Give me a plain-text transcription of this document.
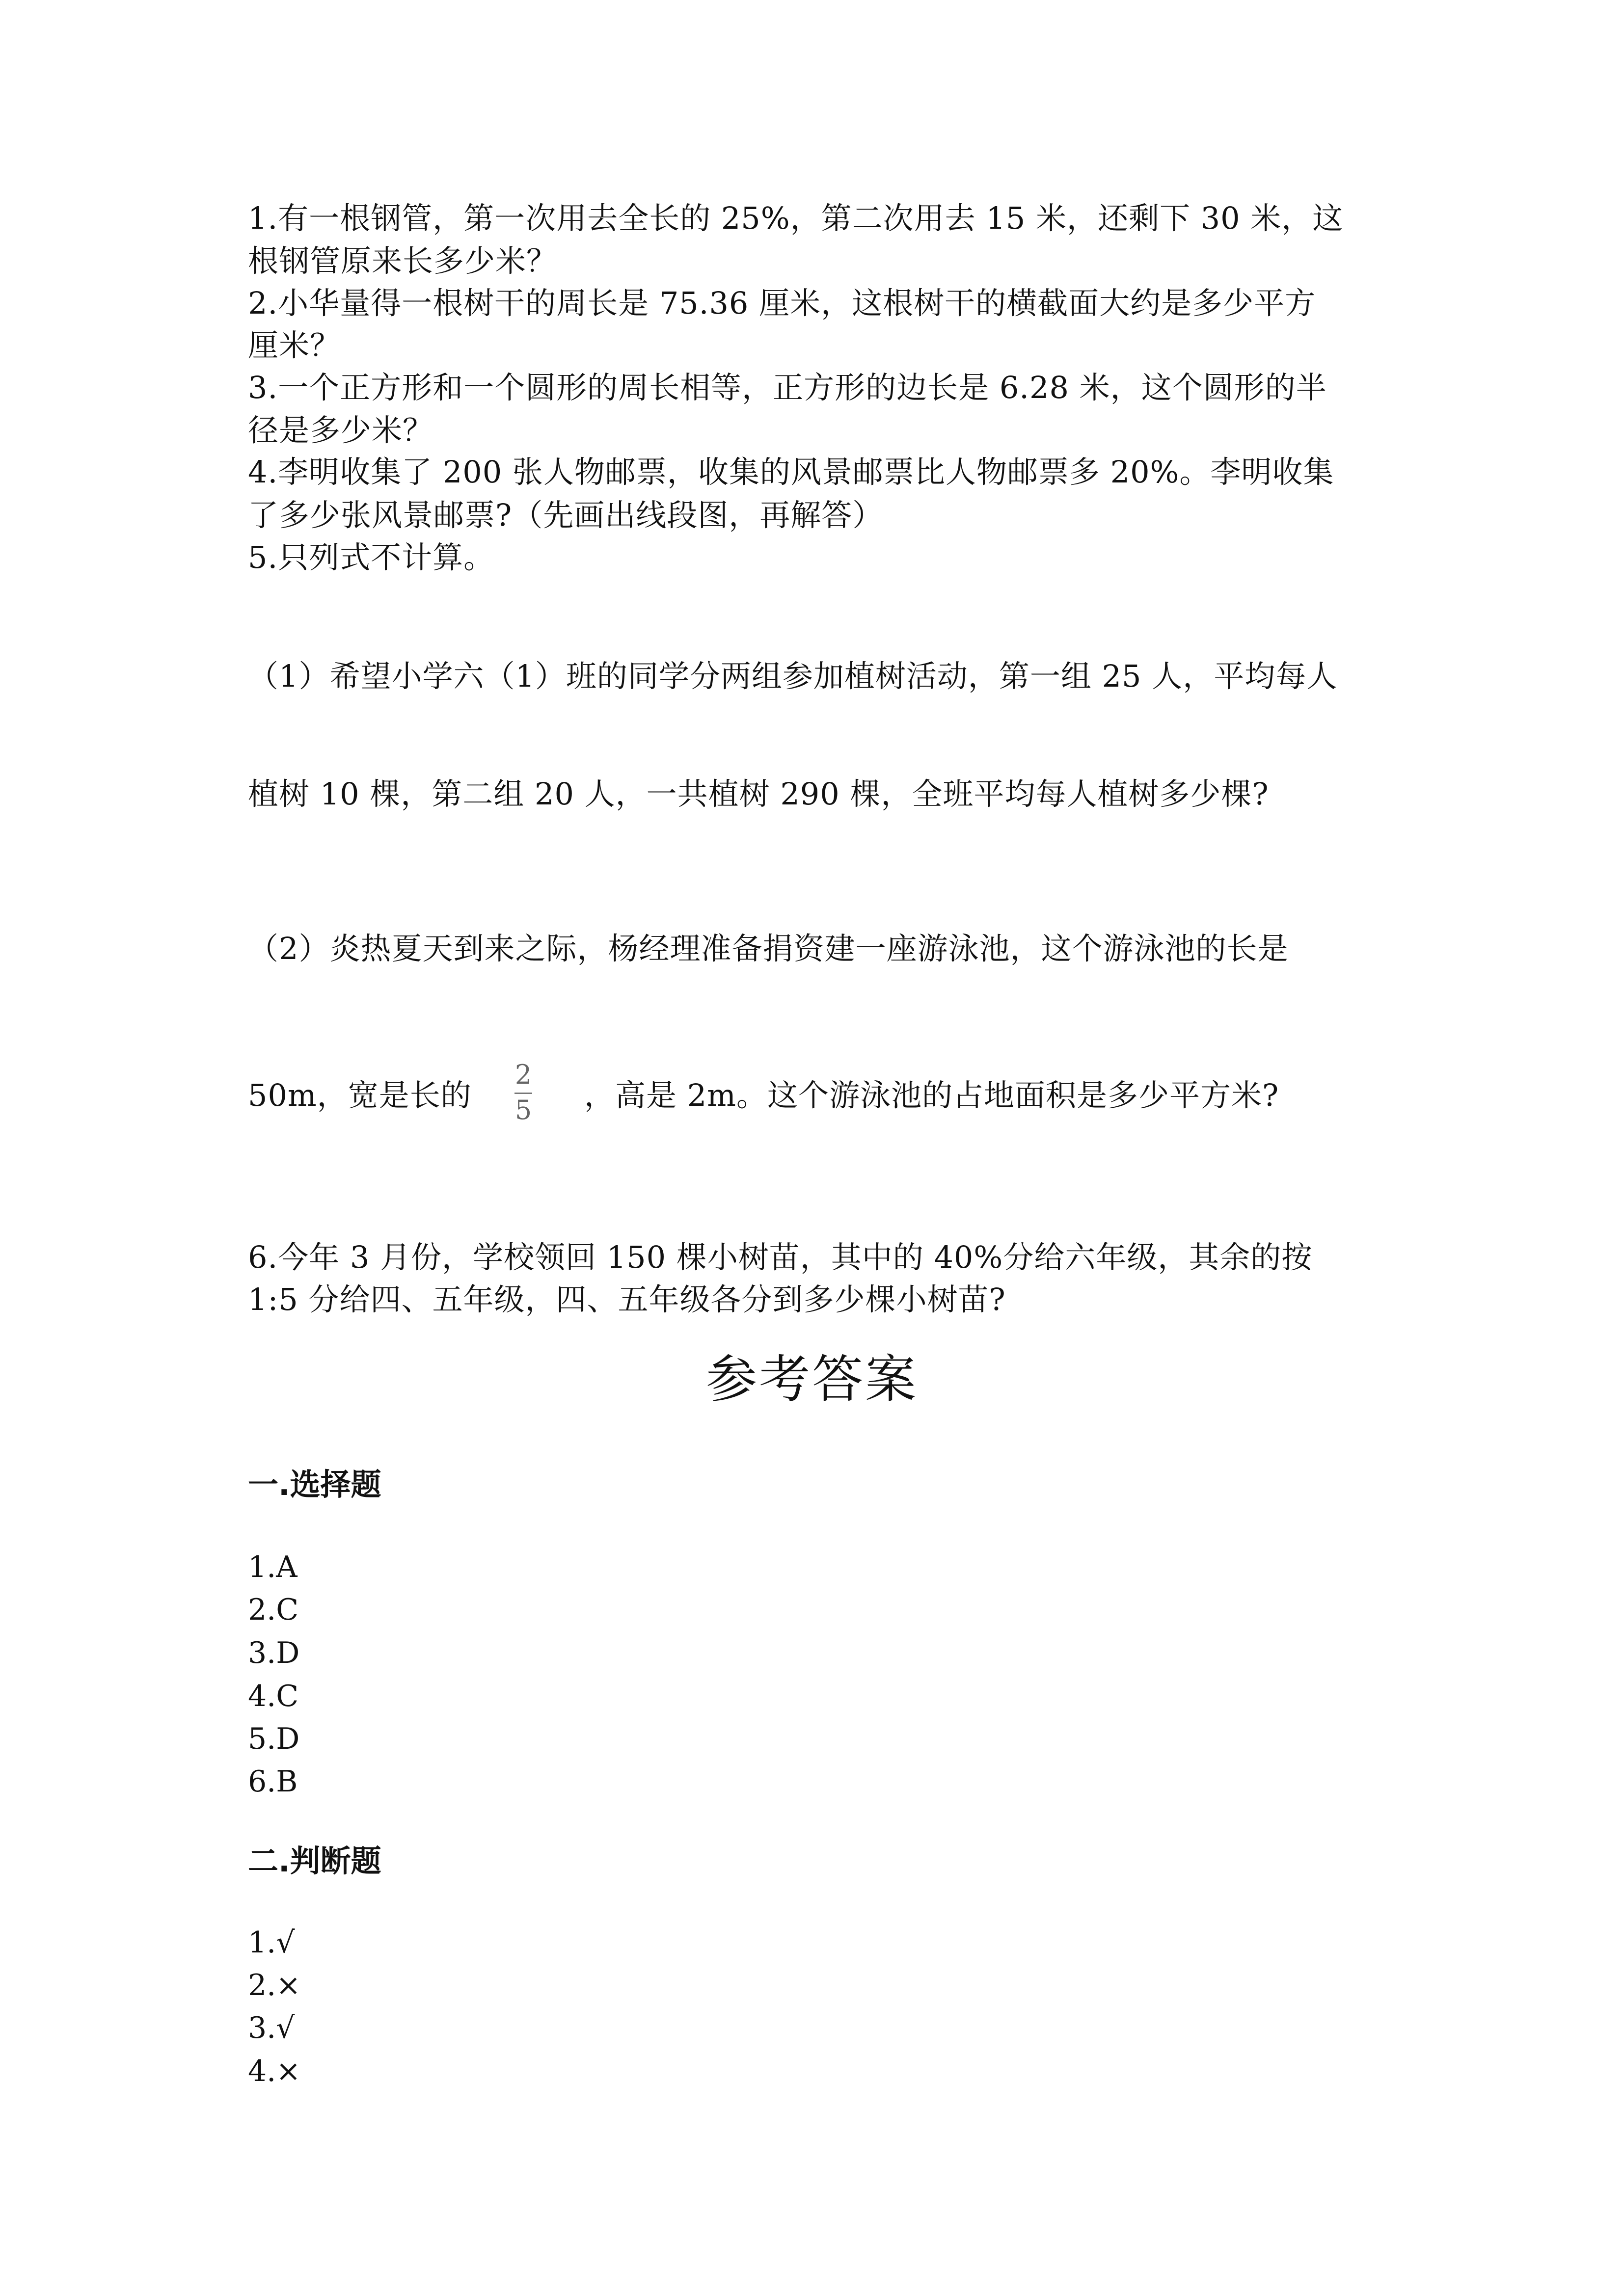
1.有一根钢管，第一次用去全长的 25%，第二次用去 15 米，还剩下 30 米，这
根钢管原来长多少米？
2.小华量得一根树干的周长是 75.36 厘米，这根树干的横截面大约是多少平方
厘米？
3.一个正方形和一个圆形的周长相等，正方形的边长是 6.28 米，这个圆形的半
径是多少米？
4.李明收集了 200 张人物邮票，收集的风景邮票比人物邮票多 20%。李明收集
了多少张风景邮票?（先画出线段图，再解答）
5.只列式不计算。
（1）希望小学六（1）班的同学分两组参加植树活动，第一组 25 人，平均每人
植树 10 棵，第二组 20 人，一共植树 290 棵，全班平均每人植树多少棵?
（2）炎热夏天到来之际，杨经理准备捐资建一座游泳池，这个游泳池的长是
50m，宽是长的
2
5 ，高是 2m。这个游泳池的占地面积是多少平方米?
6.今年 3 月份，学校领回 150 棵小树苗，其中的 40%分给六年级，其余的按
1:5 分给四、五年级，四、五年级各分到多少棵小树苗?
参考答案
一.选择题
1.A
2.C
3.D
4.C
5.D
6.B
二.判断题
1.√
2.×
3.√
4.×
